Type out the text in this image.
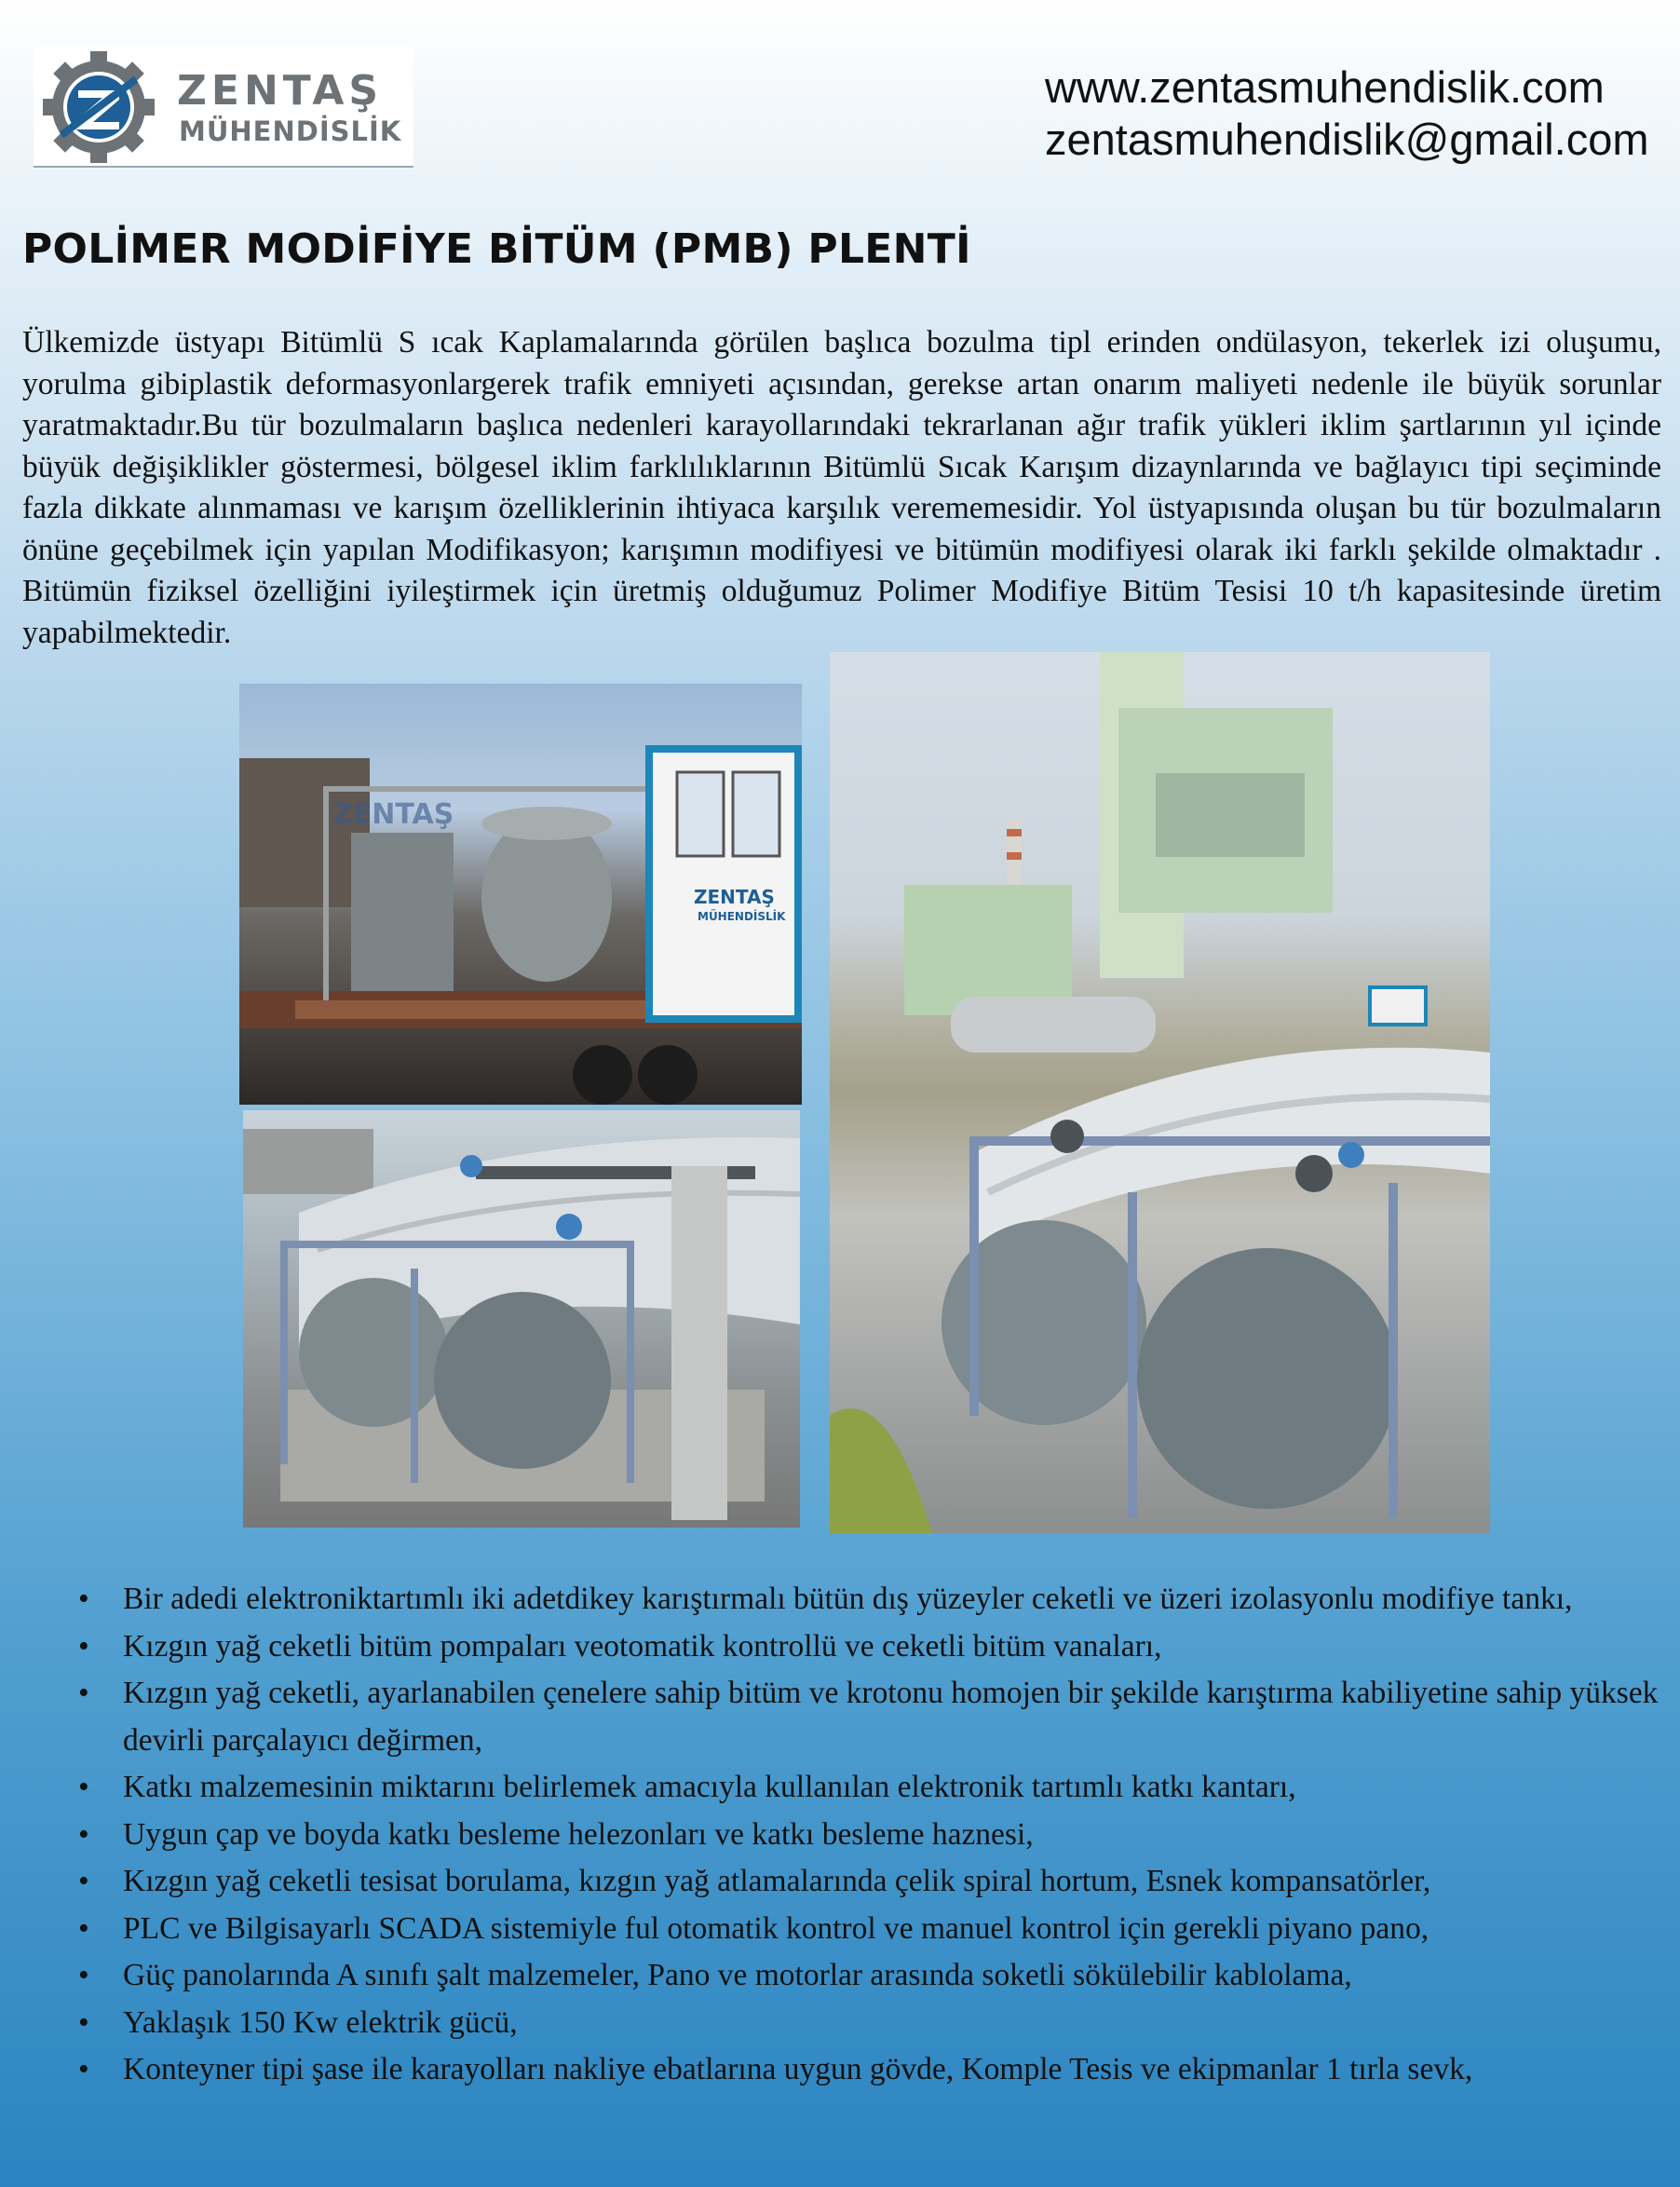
ZENTAŞ
MÜHENDİSLİK
www.zentasmuhendislik.com
zentasmuhendislik@gmail.com
POLİMER MODİFİYE BİTÜM (PMB) PLENTİ

Ülkemizde üstyapı Bitümlü S ıcak Kaplamalarında görülen başlıca bozulma tipl erinden ondülasyon, tekerlek izi oluşumu, yorulma gibiplastik deformasyonlargerek trafik emniyeti açısından, gerekse artan onarım maliyeti nedenle ile büyük sorunlar yaratmaktadır.Bu tür bozulmaların başlıca nedenleri karayollarındaki tekrarlanan ağır trafik yükleri iklim şartlarının yıl içinde büyük değişiklikler göstermesi, bölgesel iklim farklılıklarının Bitümlü Sıcak Karışım dizaynlarında ve bağlayıcı tipi seçiminde fazla dikkate alınmaması ve karışım özelliklerinin ihtiyaca karşılık verememesidir. Yol üstyapısında oluşan bu tür bozulmaların önüne geçebilmek için yapılan Modifikasyon; karışımın modifiyesi ve bitümün modifiyesi olarak iki farklı şekilde olmaktadır . Bitümün fiziksel özelliğini iyileştirmek için üretmiş olduğumuz Polimer Modifiye Bitüm Tesisi 10 t/h kapasitesinde üretim yapabilmektedir.

ZENTAŞ
ZENTAŞ
MÜHENDİSLİK
• Bir adedi elektroniktartımlı iki adetdikey karıştırmalı bütün dış yüzeyler ceketli ve üzeri izolasyonlu modifiye tankı,
• Kızgın yağ ceketli bitüm pompaları veotomatik kontrollü ve ceketli bitüm vanaları,
• Kızgın yağ ceketli, ayarlanabilen çenelere sahip bitüm ve krotonu homojen bir şekilde karıştırma kabiliyetine sahip yüksek devirli parçalayıcı değirmen,
• Katkı malzemesinin miktarını belirlemek amacıyla kullanılan elektronik tartımlı katkı kantarı,
• Uygun çap ve boyda katkı besleme helezonları ve katkı besleme haznesi,
• Kızgın yağ ceketli tesisat borulama, kızgın yağ atlamalarında çelik spiral hortum, Esnek kompansatörler,
• PLC ve Bilgisayarlı SCADA sistemiyle ful otomatik kontrol ve manuel kontrol için gerekli piyano pano,
• Güç panolarında A sınıfı şalt malzemeler, Pano ve motorlar arasında soketli sökülebilir kablolama,
• Yaklaşık 150 Kw elektrik gücü,
• Konteyner tipi şase ile karayolları nakliye ebatlarına uygun gövde, Komple Tesis ve ekipmanlar 1 tırla sevk,
